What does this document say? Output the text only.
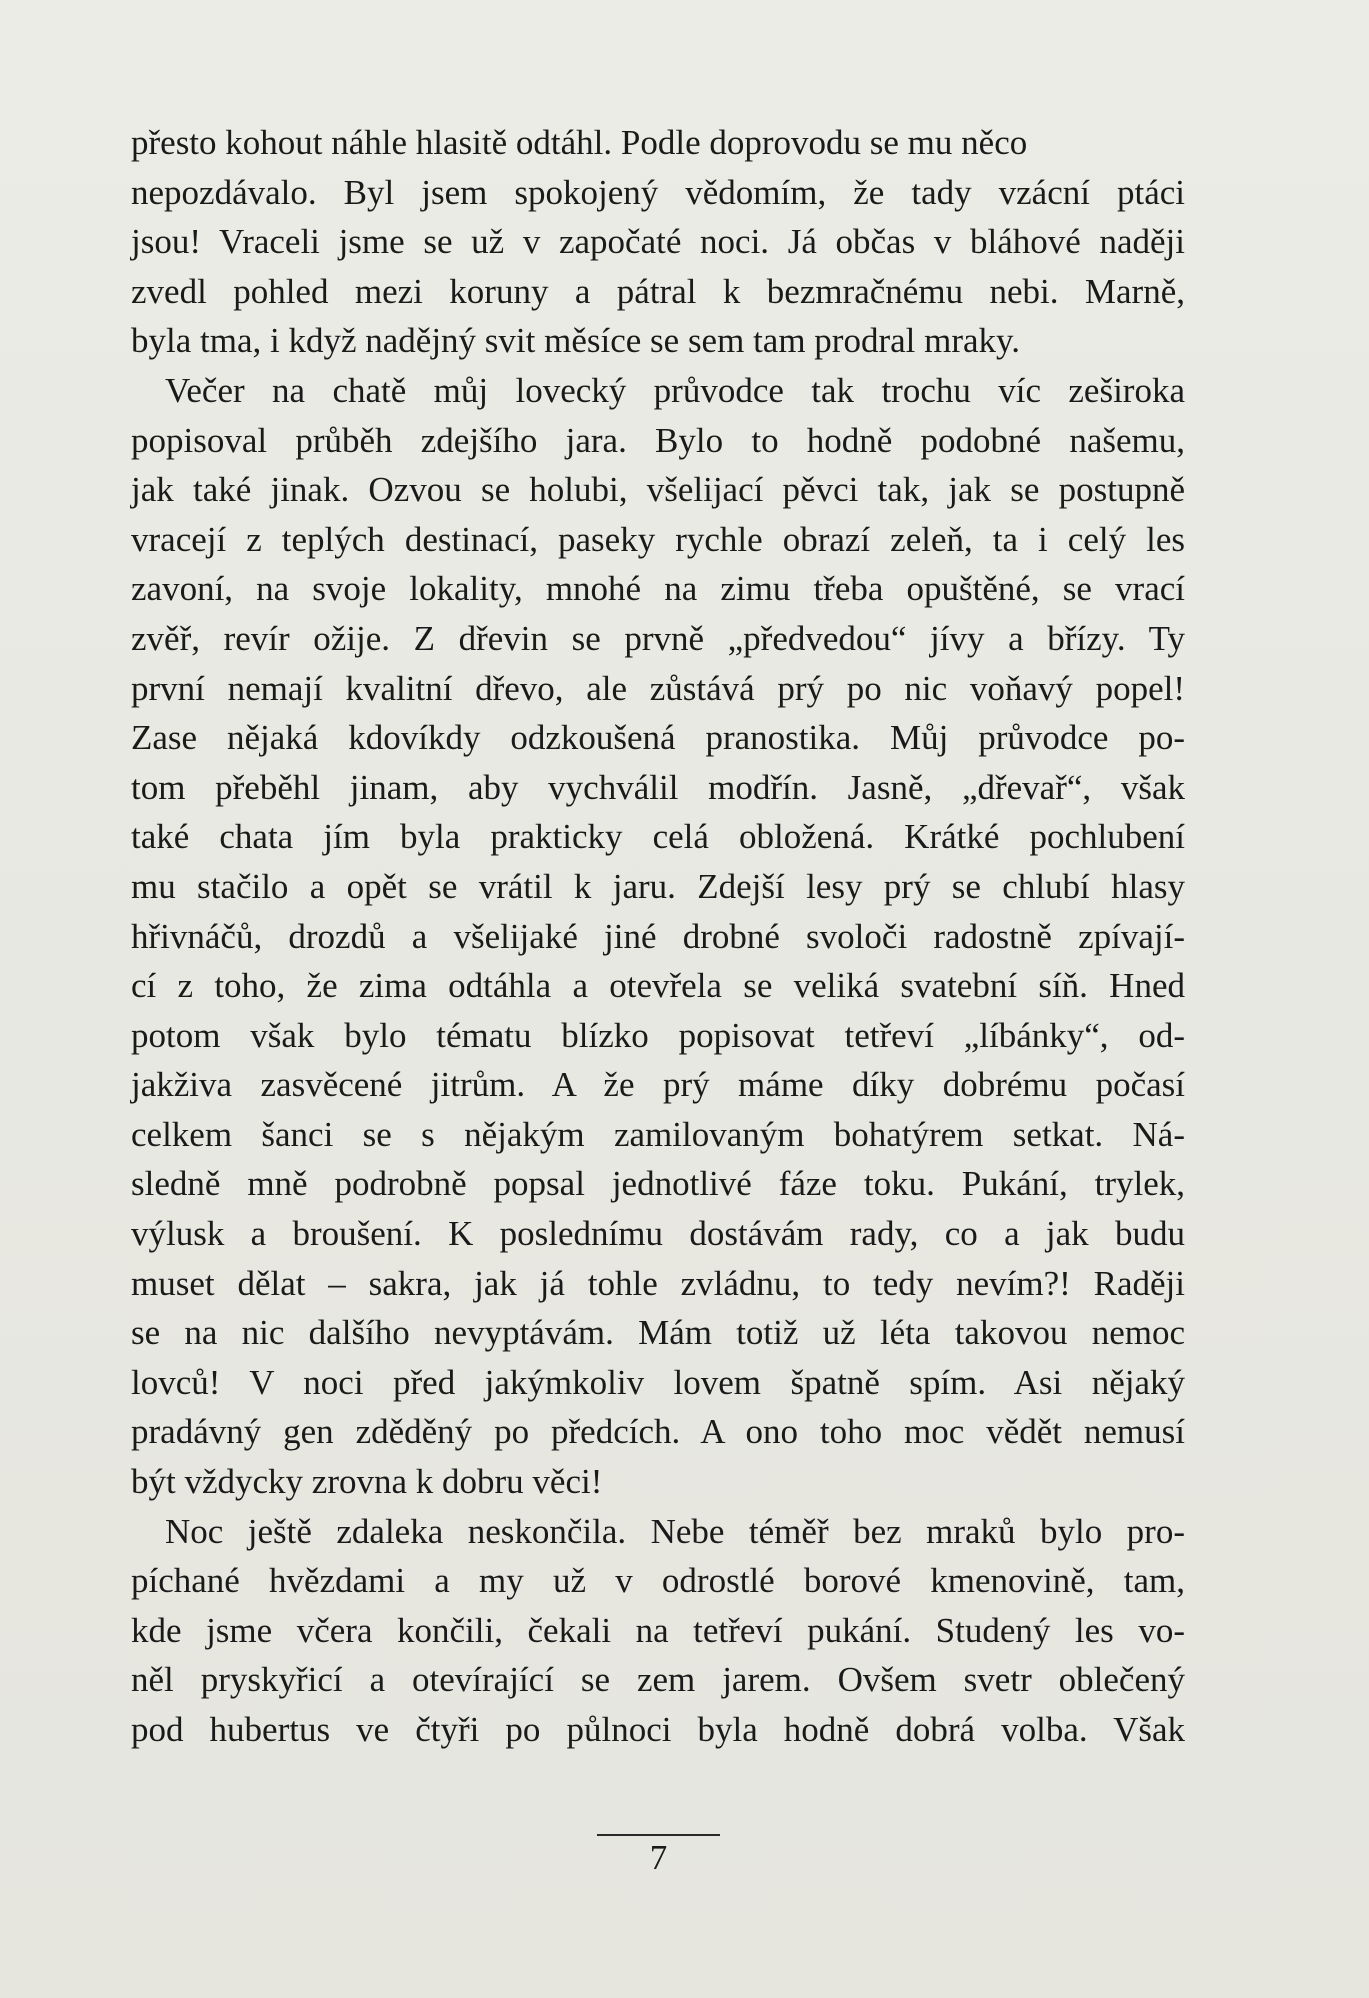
přesto kohout náhle hlasitě odtáhl. Podle doprovodu se mu něco
nepozdávalo. Byl jsem spokojený vědomím, že tady vzácní ptáci
jsou! Vraceli jsme se už v započaté noci. Já občas v bláhové naději
zvedl pohled mezi koruny a pátral k bezmračnému nebi. Marně,
byla tma, i když nadějný svit měsíce se sem tam prodral mraky.
Večer na chatě můj lovecký průvodce tak trochu víc zeširoka
popisoval průběh zdejšího jara. Bylo to hodně podobné našemu,
jak také jinak. Ozvou se holubi, všelijací pěvci tak, jak se postupně
vracejí z teplých destinací, paseky rychle obrazí zeleň, ta i celý les
zavoní, na svoje lokality, mnohé na zimu třeba opuštěné, se vrací
zvěř, revír ožije. Z dřevin se prvně „předvedou“ jívy a břízy. Ty
první nemají kvalitní dřevo, ale zůstává prý po nic voňavý popel!
Zase nějaká kdovíkdy odzkoušená pranostika. Můj průvodce po-
tom přeběhl jinam, aby vychválil modřín. Jasně, „dřevař“, však
také chata jím byla prakticky celá obložená. Krátké pochlubení
mu stačilo a opět se vrátil k jaru. Zdejší lesy prý se chlubí hlasy
hřivnáčů, drozdů a všelijaké jiné drobné svoloči radostně zpívají-
cí z toho, že zima odtáhla a otevřela se veliká svatební síň. Hned
potom však bylo tématu blízko popisovat tetřeví „líbánky“, od-
jakživa zasvěcené jitrům. A že prý máme díky dobrému počasí
celkem šanci se s nějakým zamilovaným bohatýrem setkat. Ná-
sledně mně podrobně popsal jednotlivé fáze toku. Pukání, trylek,
výlusk a broušení. K poslednímu dostávám rady, co a jak budu
muset dělat – sakra, jak já tohle zvládnu, to tedy nevím?! Raději
se na nic dalšího nevyptávám. Mám totiž už léta takovou nemoc
lovců! V noci před jakýmkoliv lovem špatně spím. Asi nějaký
pradávný gen zděděný po předcích. A ono toho moc vědět nemusí
být vždycky zrovna k dobru věci!
Noc ještě zdaleka neskončila. Nebe téměř bez mraků bylo pro-
píchané hvězdami a my už v odrostlé borové kmenovině, tam,
kde jsme včera končili, čekali na tetřeví pukání. Studený les vo-
něl pryskyřicí a otevírající se zem jarem. Ovšem svetr oblečený
pod hubertus ve čtyři po půlnoci byla hodně dobrá volba. Však
7
